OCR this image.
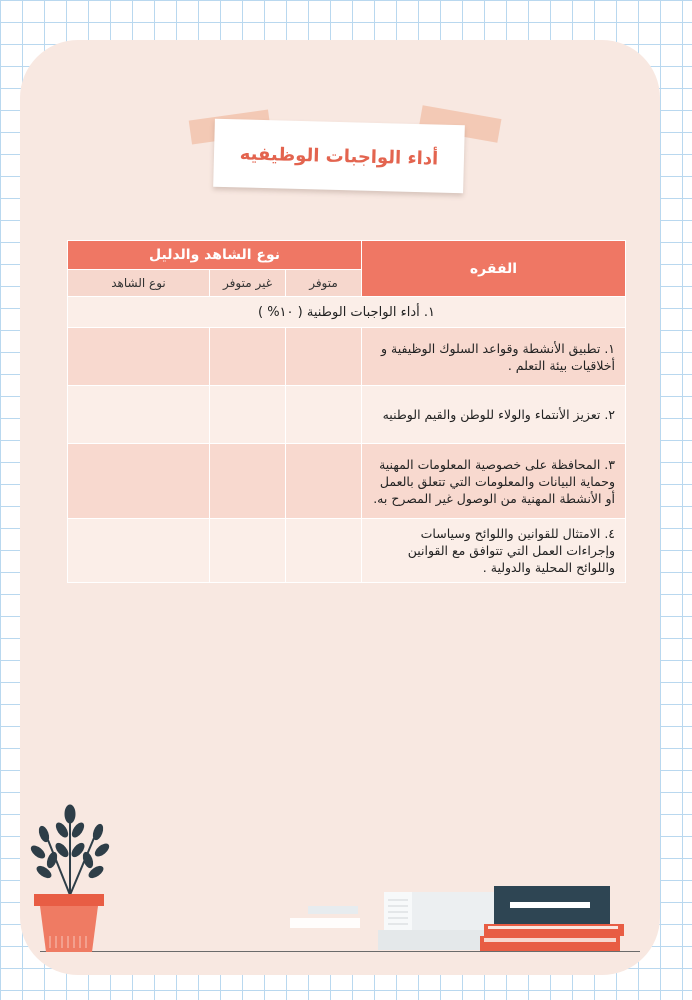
أداء الواجبات الوظيفيه
الفقره	نوع الشاهد والدليل		
	متوفر	غير متوفر	نوع الشاهد
١. أداء الواجبات الوطنية ( ١٠% )			
١. تطبيق الأنشطة وقواعد السلوك الوظيفية و أخلاقيات بيئة التعلم .			
٢. تعزيز الأنتماء والولاء للوطن والقيم الوطنيه			
٣. المحافظة على خصوصية المعلومات المهنية وحماية البيانات والمعلومات التي تتعلق بالعمل أو الأنشطة المهنية من الوصول غير المصرح به.			
٤. الامتثال للقوانين واللوائح وسياسات وإجراءات العمل التي تتوافق مع القوانين واللوائح المحلية والدولية .			
